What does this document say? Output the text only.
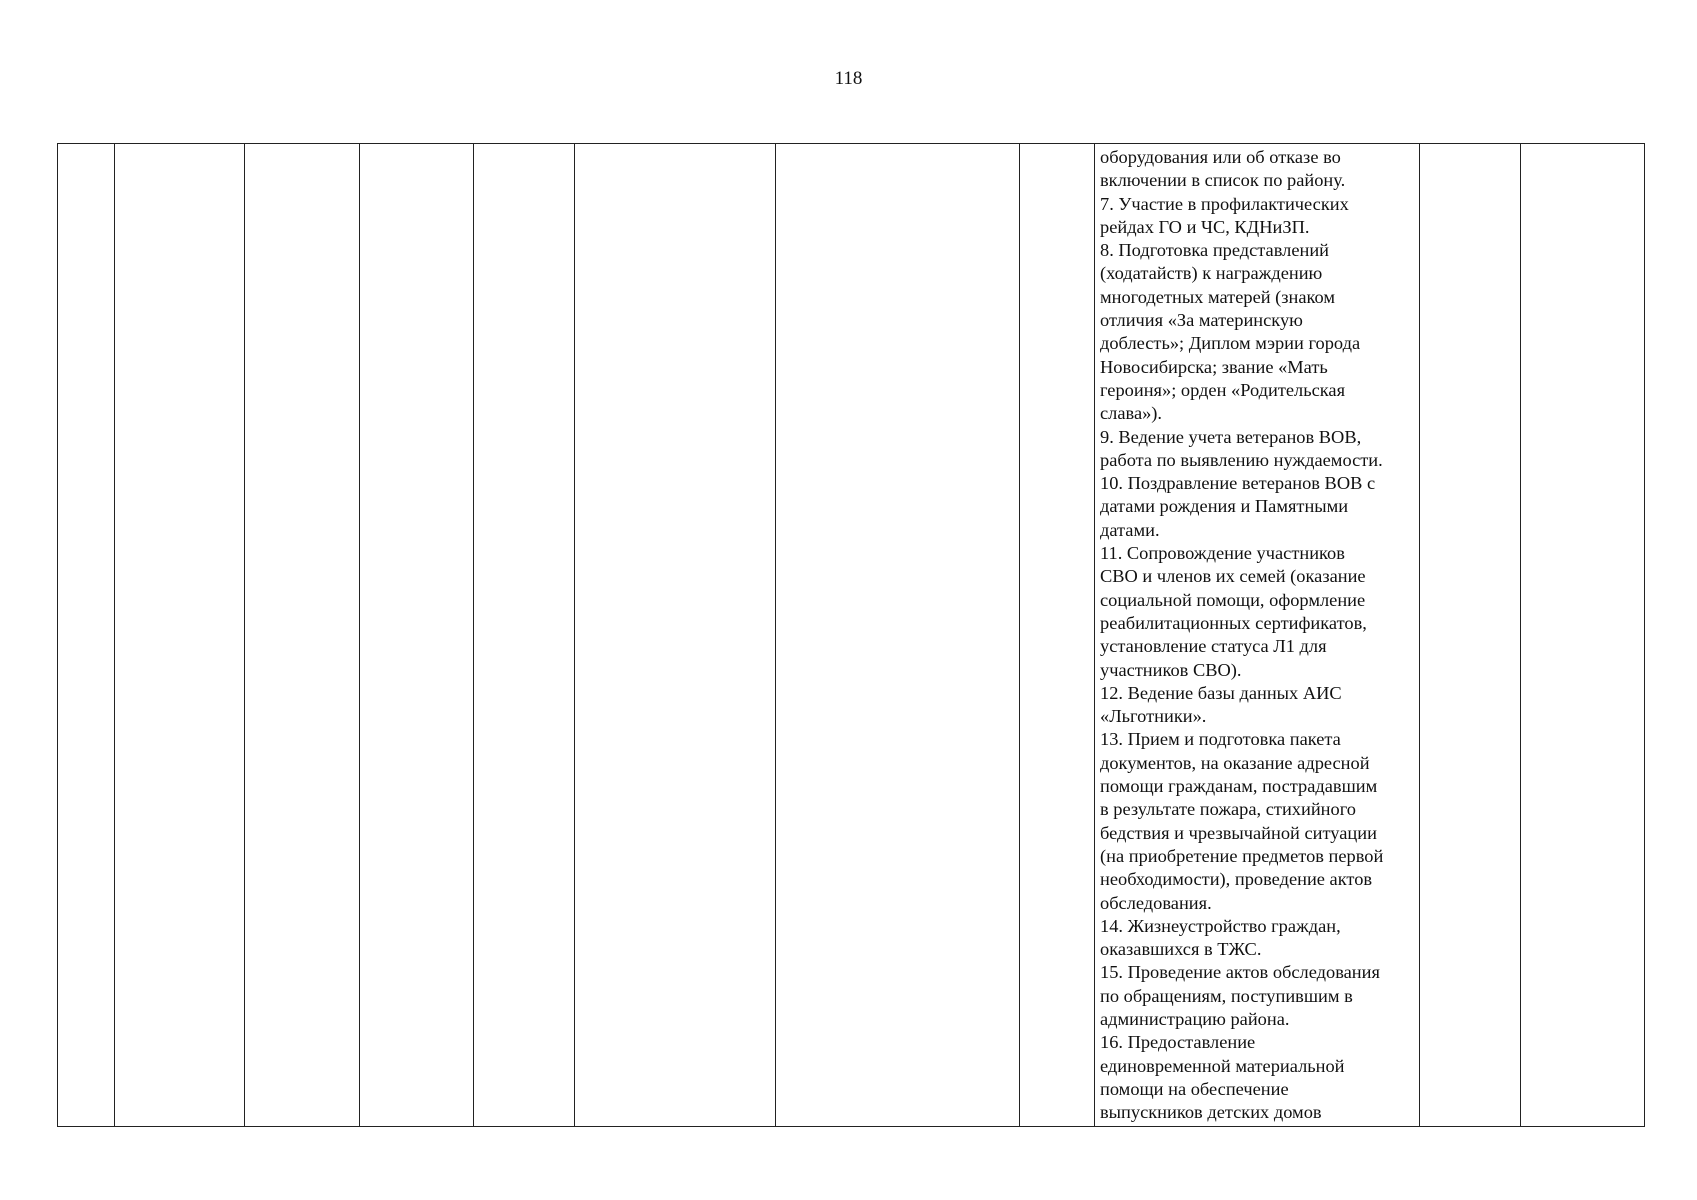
118

оборудования или об отказе во
включении в список по району.
7. Участие в профилактических
рейдах ГО и ЧС, КДНиЗП.
8. Подготовка представлений
(ходатайств) к награждению
многодетных матерей (знаком
отличия «За материнскую
доблесть»; Диплом мэрии города
Новосибирска; звание «Мать
героиня»; орден «Родительская
слава»).
9. Ведение учета ветеранов ВОВ,
работа по выявлению нуждаемости.
10. Поздравление ветеранов ВОВ с
датами рождения и Памятными
датами.
11. Сопровождение участников
СВО и членов их семей (оказание
социальной помощи, оформление
реабилитационных сертификатов,
установление статуса Л1 для
участников СВО).
12. Ведение базы данных АИС
«Льготники».
13. Прием и подготовка пакета
документов, на оказание адресной
помощи гражданам, пострадавшим
в результате пожара, стихийного
бедствия и чрезвычайной ситуации
(на приобретение предметов первой
необходимости), проведение актов
обследования.
14. Жизнеустройство граждан,
оказавшихся в ТЖС.
15. Проведение актов обследования
по обращениям, поступившим в
администрацию района.
16. Предоставление
единовременной материальной
помощи на обеспечение
выпускников детских домов
